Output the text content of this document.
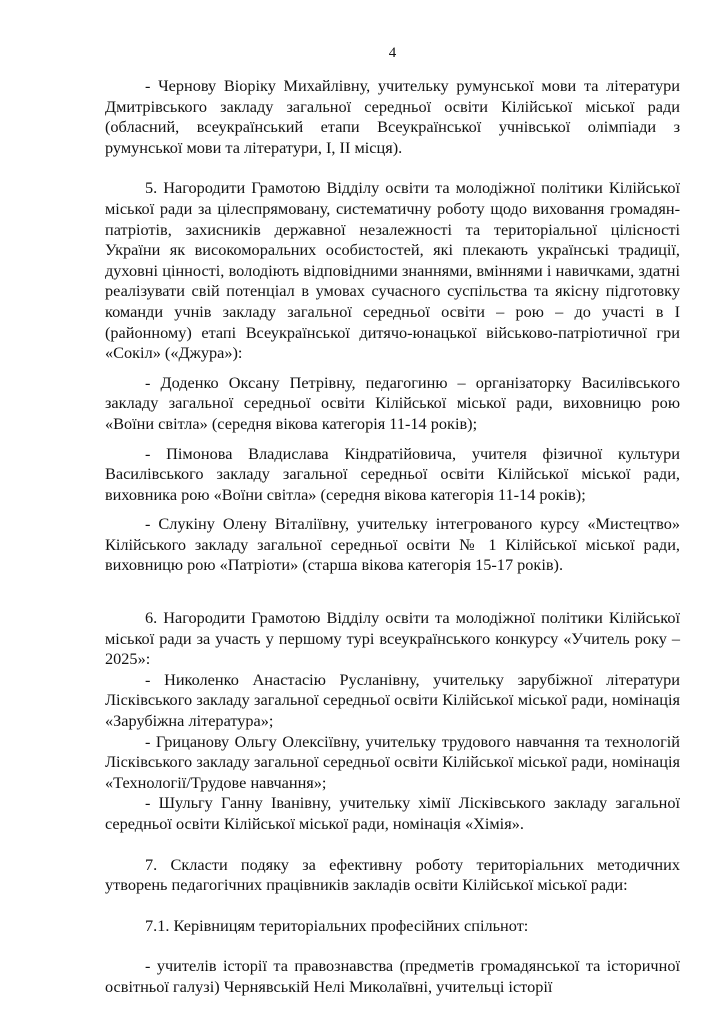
4

- Чернову Віоріку Михайлівну, учительку румунської мови та літератури Дмитрівського закладу загальної середньої освіти Кілійської міської ради (обласний, всеукраїнський етапи Всеукраїнської учнівської олімпіади з румунської мови та літератури, І, ІІ місця).

5. Нагородити Грамотою Відділу освіти та молодіжної політики Кілійської міської ради за цілеспрямовану, систематичну роботу щодо виховання громадян-патріотів, захисників державної незалежності та територіальної цілісності України як високоморальних особистостей, які плекають українські традиції, духовні цінності, володіють відповідними знаннями, вміннями і навичками, здатні реалізувати свій потенціал в умовах сучасного суспільства та якісну підготовку команди учнів закладу загальної середньої освіти – рою – до участі в І (районному) етапі Всеукраїнської дитячо-юнацької військово-патріотичної гри «Сокіл» («Джура»):

- Доденко Оксану Петрівну, педагогиню – організаторку Василівського закладу загальної середньої освіти Кілійської міської ради, виховницю рою «Воїни світла» (середня вікова категорія 11-14 років);

- Пімонова Владислава Кіндратійовича, учителя фізичної культури Василівського закладу загальної середньої освіти Кілійської міської ради, виховника рою «Воїни світла» (середня вікова категорія 11-14 років);

- Слукіну Олену Віталіївну, учительку інтегрованого курсу «Мистецтво» Кілійського закладу загальної середньої освіти № 1 Кілійської міської ради, виховницю рою «Патріоти» (старша вікова категорія 15-17 років).

6. Нагородити Грамотою Відділу освіти та молодіжної політики Кілійської міської ради за участь у першому турі всеукраїнського конкурсу «Учитель року – 2025»:

- Николенко Анастасію Русланівну, учительку зарубіжної літератури Лісківського закладу загальної середньої освіти Кілійської міської ради, номінація «Зарубіжна література»;

- Грицанову Ольгу Олексіївну, учительку трудового навчання та технологій Лісківського закладу загальної середньої освіти Кілійської міської ради, номінація «Технології/Трудове навчання»;

- Шульгу Ганну Іванівну, учительку хімії Лісківського закладу загальної середньої освіти Кілійської міської ради, номінація «Хімія».

7. Скласти подяку за ефективну роботу територіальних методичних утворень педагогічних працівників закладів освіти Кілійської міської ради:

7.1. Керівницям територіальних професійних спільнот:

- учителів історії та правознавства (предметів громадянської та історичної освітньої галузі) Чернявській Нелі Миколаївні, учительці історії
